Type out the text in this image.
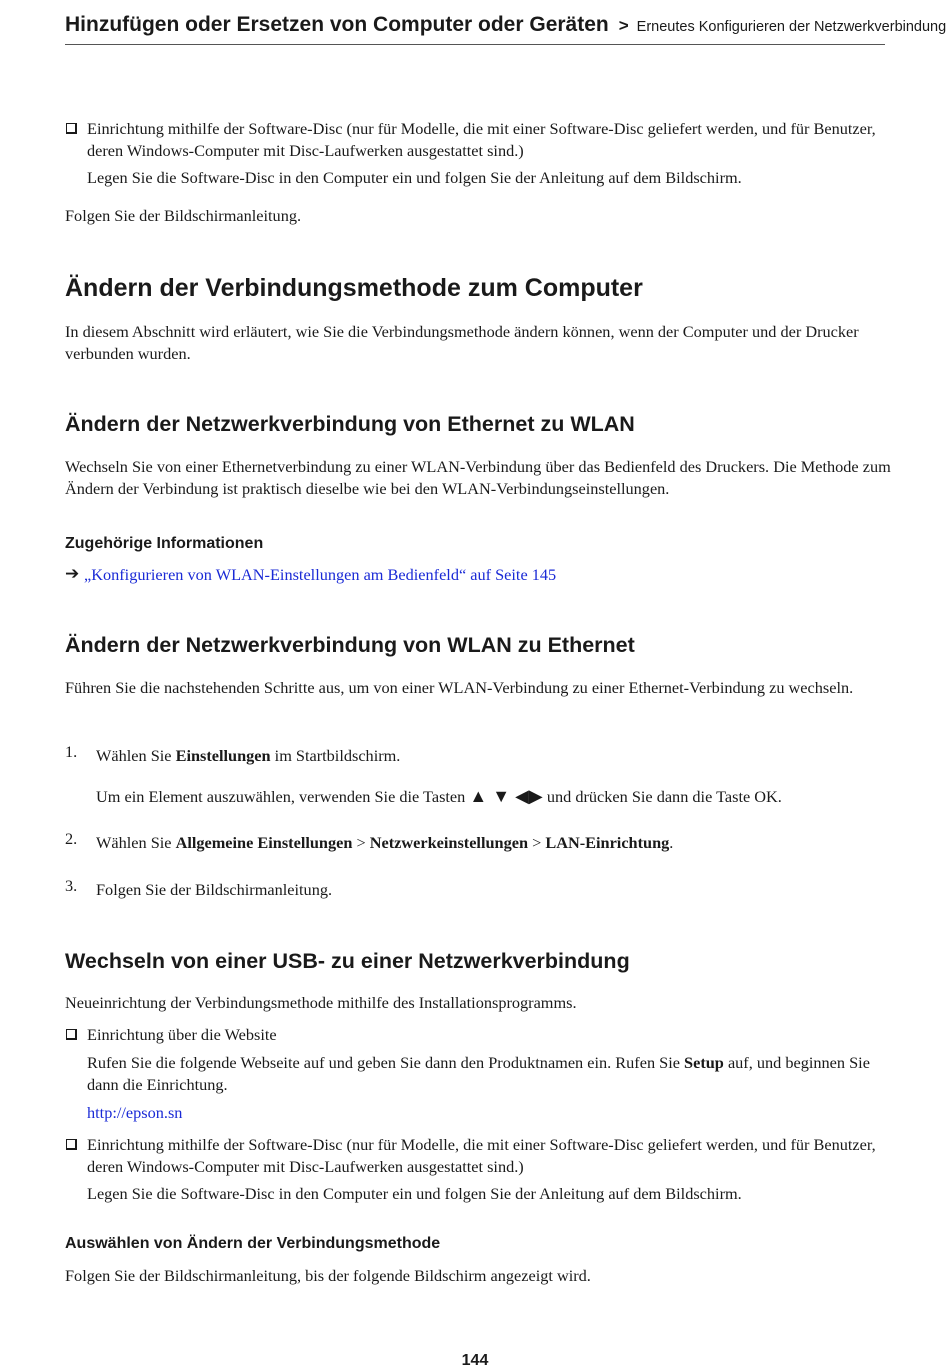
Hinzufügen oder Ersetzen von Computer oder Geräten > Erneutes Konfigurieren der Netzwerkverbindung

Einrichtung mithilfe der Software-Disc (nur für Modelle, die mit einer Software-Disc geliefert werden, und für Benutzer, deren Windows-Computer mit Disc-Laufwerken ausgestattet sind.)

Legen Sie die Software-Disc in den Computer ein und folgen Sie der Anleitung auf dem Bildschirm.

Folgen Sie der Bildschirmanleitung.

Ändern der Verbindungsmethode zum Computer

In diesem Abschnitt wird erläutert, wie Sie die Verbindungsmethode ändern können, wenn der Computer und der Drucker verbunden wurden.

Ändern der Netzwerkverbindung von Ethernet zu WLAN

Wechseln Sie von einer Ethernetverbindung zu einer WLAN-Verbindung über das Bedienfeld des Druckers. Die Methode zum Ändern der Verbindung ist praktisch dieselbe wie bei den WLAN-Verbindungseinstellungen.

Zugehörige Informationen
➔ „Konfigurieren von WLAN-Einstellungen am Bedienfeld“ auf Seite 145
Ändern der Netzwerkverbindung von WLAN zu Ethernet

Führen Sie die nachstehenden Schritte aus, um von einer WLAN-Verbindung zu einer Ethernet-Verbindung zu wechseln.

1. Wählen Sie Einstellungen im Startbildschirm.

Um ein Element auszuwählen, verwenden Sie die Tasten ▲ ▼ ◀▶ und drücken Sie dann die Taste OK.

2. Wählen Sie Allgemeine Einstellungen > Netzwerkeinstellungen > LAN-Einrichtung.

3. Folgen Sie der Bildschirmanleitung.

Wechseln von einer USB- zu einer Netzwerkverbindung

Neueinrichtung der Verbindungsmethode mithilfe des Installationsprogramms.

Einrichtung über die Website

Rufen Sie die folgende Webseite auf und geben Sie dann den Produktnamen ein. Rufen Sie Setup auf, und beginnen Sie dann die Einrichtung.

http://epson.sn

Einrichtung mithilfe der Software-Disc (nur für Modelle, die mit einer Software-Disc geliefert werden, und für Benutzer, deren Windows-Computer mit Disc-Laufwerken ausgestattet sind.)

Legen Sie die Software-Disc in den Computer ein und folgen Sie der Anleitung auf dem Bildschirm.

Auswählen von Ändern der Verbindungsmethode

Folgen Sie der Bildschirmanleitung, bis der folgende Bildschirm angezeigt wird.

144
